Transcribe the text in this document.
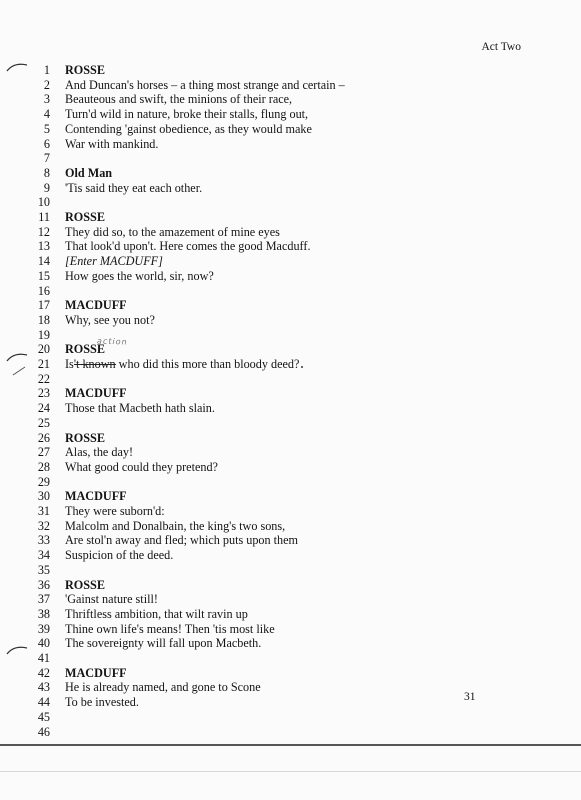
Act Two
1 ROSSE
2 And Duncan's horses – a thing most strange and certain –
3 Beauteous and swift, the minions of their race,
4 Turn'd wild in nature, broke their stalls, flung out,
5 Contending 'gainst obedience, as they would make
6 War with mankind.
7
8 Old Man
9 'Tis said they eat each other.
10
11 ROSSE
12 They did so, to the amazement of mine eyes
13 That look'd upon't. Here comes the good Macduff.
14 [Enter MACDUFF]
15 How goes the world, sir, now?
16
17 MACDUFF
18 Why, see you not?
19
20 ROSSE
21 Is't known who did this more than bloody deed?
22
23 MACDUFF
24 Those that Macbeth hath slain.
25
26 ROSSE
27 Alas, the day!
28 What good could they pretend?
29
30 MACDUFF
31 They were suborn'd:
32 Malcolm and Donalbain, the king's two sons,
33 Are stol'n away and fled; which puts upon them
34 Suspicion of the deed.
35
36 ROSSE
37 'Gainst nature still!
38 Thriftless ambition, that wilt ravin up
39 Thine own life's means! Then 'tis most like
40 The sovereignty will fall upon Macbeth.
41
42 MACDUFF
43 He is already named, and gone to Scone
44 To be invested.
45
46
action
31
